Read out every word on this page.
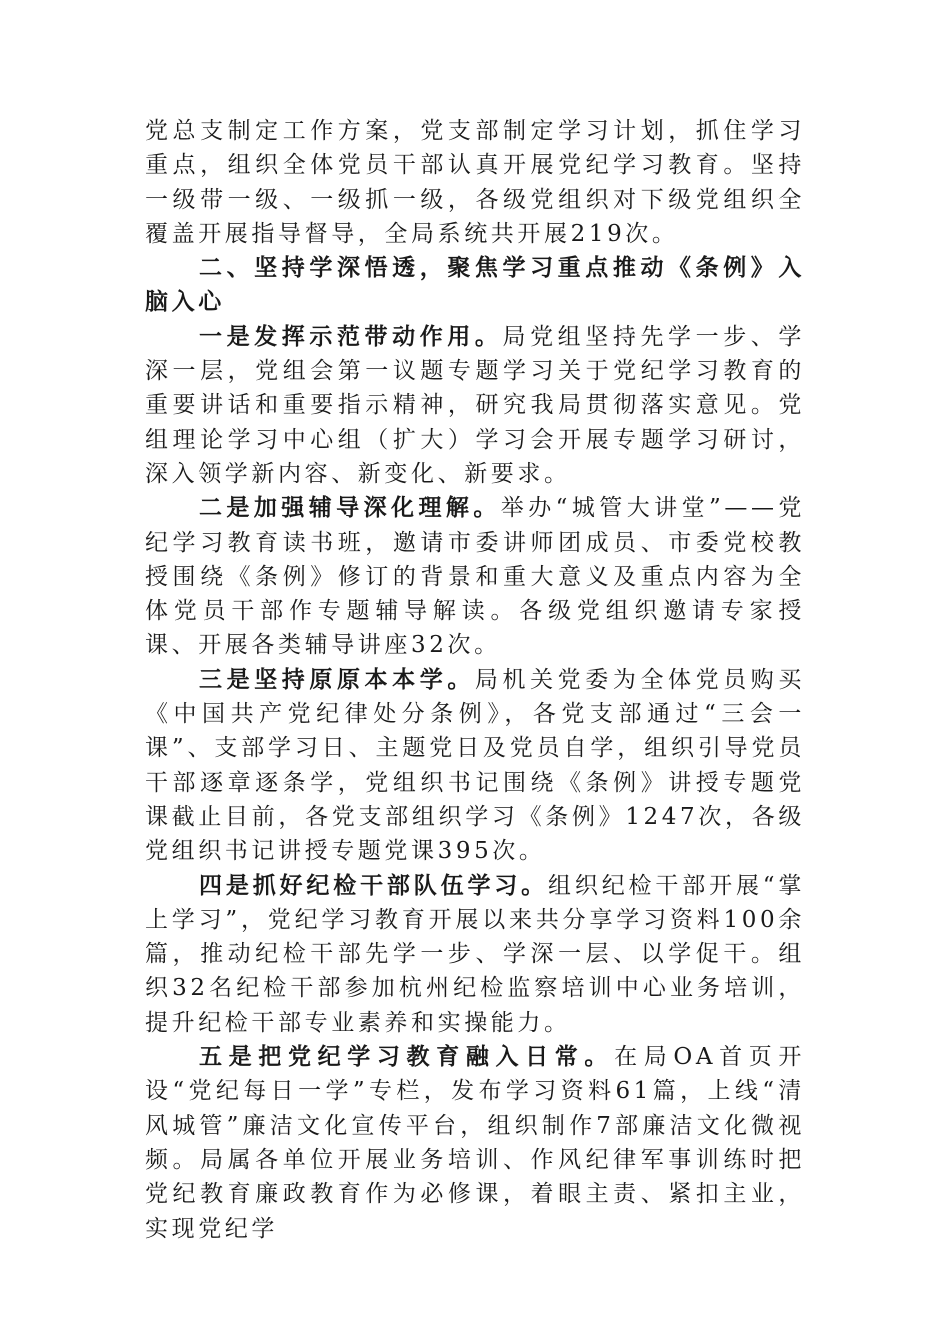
党总支制定工作方案，党支部制定学习计划，抓住学习重点，组织全体党员干部认真开展党纪学习教育。坚持一级带一级、一级抓一级，各级党组织对下级党组织全覆盖开展指导督导，全局系统共开展219次。

二、坚持学深悟透，聚焦学习重点推动《条例》入脑入心

一是发挥示范带动作用。局党组坚持先学一步、学深一层，党组会第一议题专题学习关于党纪学习教育的重要讲话和重要指示精神，研究我局贯彻落实意见。党组理论学习中心组（扩大）学习会开展专题学习研讨，深入领学新内容、新变化、新要求。

二是加强辅导深化理解。举办“城管大讲堂”——党纪学习教育读书班，邀请市委讲师团成员、市委党校教授围绕《条例》修订的背景和重大意义及重点内容为全体党员干部作专题辅导解读。各级党组织邀请专家授课、开展各类辅导讲座32次。

三是坚持原原本本学。局机关党委为全体党员购买《中国共产党纪律处分条例》，各党支部通过“三会一课”、支部学习日、主题党日及党员自学，组织引导党员干部逐章逐条学，党组织书记围绕《条例》讲授专题党课截止目前，各党支部组织学习《条例》1247次，各级党组织书记讲授专题党课395次。

四是抓好纪检干部队伍学习。组织纪检干部开展“掌上学习”，党纪学习教育开展以来共分享学习资料100余篇，推动纪检干部先学一步、学深一层、以学促干。组织32名纪检干部参加杭州纪检监察培训中心业务培训，提升纪检干部专业素养和实操能力。

五是把党纪学习教育融入日常。在局OA首页开设“党纪每日一学”专栏，发布学习资料61篇，上线“清风城管”廉洁文化宣传平台，组织制作7部廉洁文化微视频。局属各单位开展业务培训、作风纪律军事训练时把党纪教育廉政教育作为必修课，着眼主责、紧扣主业，实现党纪学
